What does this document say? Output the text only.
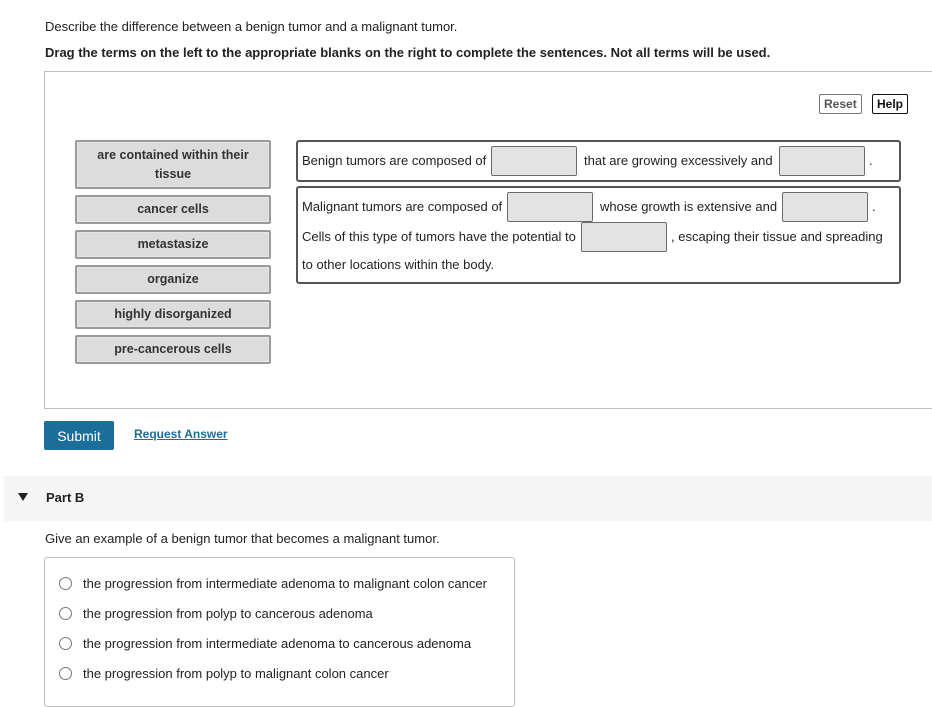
Describe the difference between a benign tumor and a malignant tumor.
Drag the terms on the left to the appropriate blanks on the right to complete the sentences. Not all terms will be used.
Reset	Help
are contained within their
tissue
cancer cells
metastasize
organize
highly disorganized
pre-cancerous cells
Benign tumors are composed of	that are growing excessively and	.
Malignant tumors are composed of	whose growth is extensive and	.
Cells of this type of tumors have the potential to	, escaping their tissue and spreading
to other locations within the body.
Submit	Request Answer
Part B
Give an example of a benign tumor that becomes a malignant tumor.
the progression from intermediate adenoma to malignant colon cancer
the progression from polyp to cancerous adenoma
the progression from intermediate adenoma to cancerous adenoma
the progression from polyp to malignant colon cancer
